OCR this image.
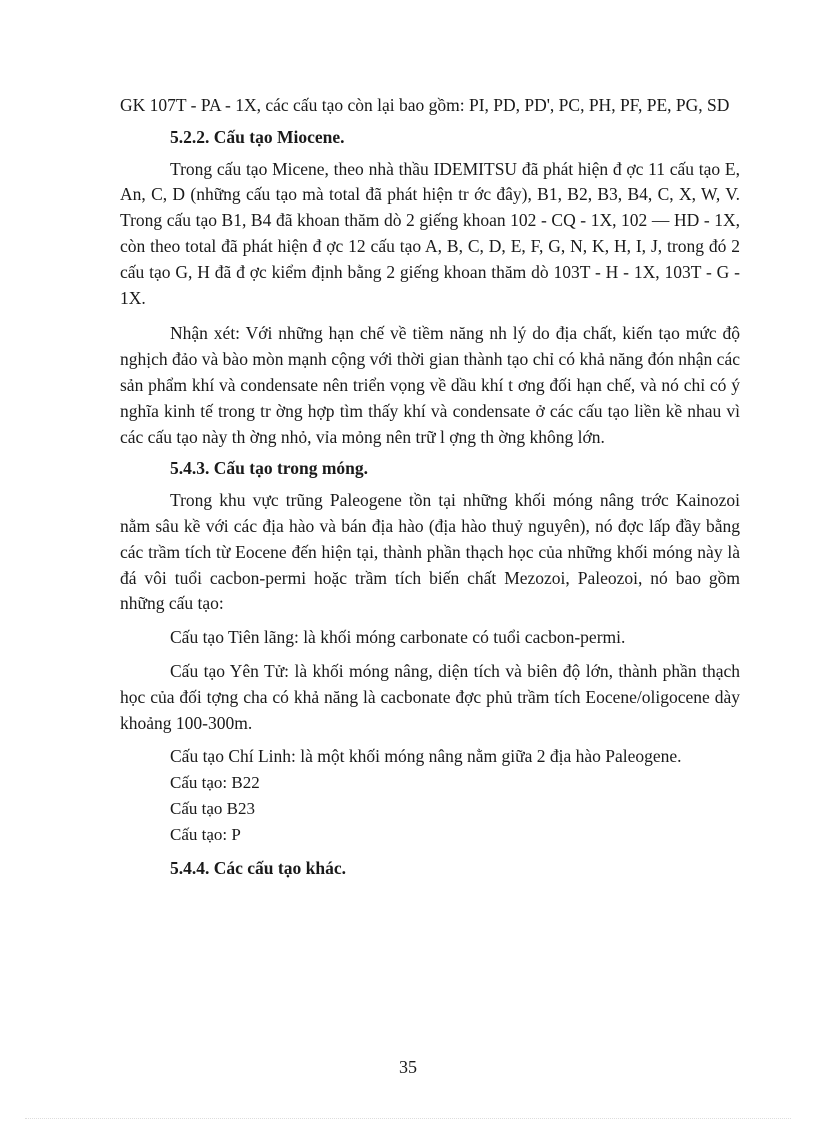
GK 107T - PA - 1X, các cấu tạo còn lại bao gồm: PI, PD, PD', PC, PH, PF, PE, PG, SD

5.2.2. Cấu tạo Miocene.

Trong cấu tạo Micene, theo nhà thầu IDEMITSU đã phát hiện đ ợc 11 cấu tạo E, An, C, D (những cấu tạo mà total đã phát hiện tr ớc đây), B1, B2, B3, B4, C, X, W, V. Trong cấu tạo B1, B4 đã khoan thăm dò 2 giếng khoan 102 - CQ - 1X, 102 — HD - 1X, còn theo total đã phát hiện đ ợc 12 cấu tạo A, B, C, D, E, F, G, N, K, H, I, J, trong đó 2 cấu tạo G, H đã đ ợc kiểm định bằng 2 giếng khoan thăm dò 103T - H - 1X, 103T - G - 1X.

Nhận xét: Với những hạn chế về tiềm năng nh lý do địa chất, kiến tạo mức độ nghịch đảo và bào mòn mạnh cộng với thời gian thành tạo chỉ có khả năng đón nhận các sản phẩm khí và condensate nên triển vọng về dầu khí t ơng đối hạn chế, và nó chỉ có ý nghĩa kinh tế trong tr ờng hợp tìm thấy khí và condensate ở các cấu tạo liền kề nhau vì các cấu tạo này th ờng nhỏ, vỉa mỏng nên trữ l ợng th ờng không lớn.

5.4.3. Cấu tạo trong móng.

Trong khu vực trũng Paleogene tồn tại những khối móng nâng trớc Kainozoi nằm sâu kề với các địa hào và bán địa hào (địa hào thuỷ nguyên), nó đợc lấp đầy bằng các trầm tích từ Eocene đến hiện tại, thành phần thạch học của những khối móng này là đá vôi tuổi cacbon-permi hoặc trầm tích biến chất Mezozoi, Paleozoi, nó bao gồm những cấu tạo:

Cấu tạo Tiên lãng: là khối móng carbonate có tuổi cacbon-permi.

Cấu tạo Yên Tử: là khối móng nâng, diện tích và biên độ lớn, thành phần thạch học của đối tợng cha có khả năng là cacbonate đợc phủ trầm tích Eocene/oligocene dày khoảng 100-300m.

Cấu tạo Chí Linh: là một khối móng nâng nằm giữa 2 địa hào Paleogene.

Cấu tạo: B22

Cấu tạo B23

Cấu tạo: P

5.4.4. Các cấu tạo khác.

35
